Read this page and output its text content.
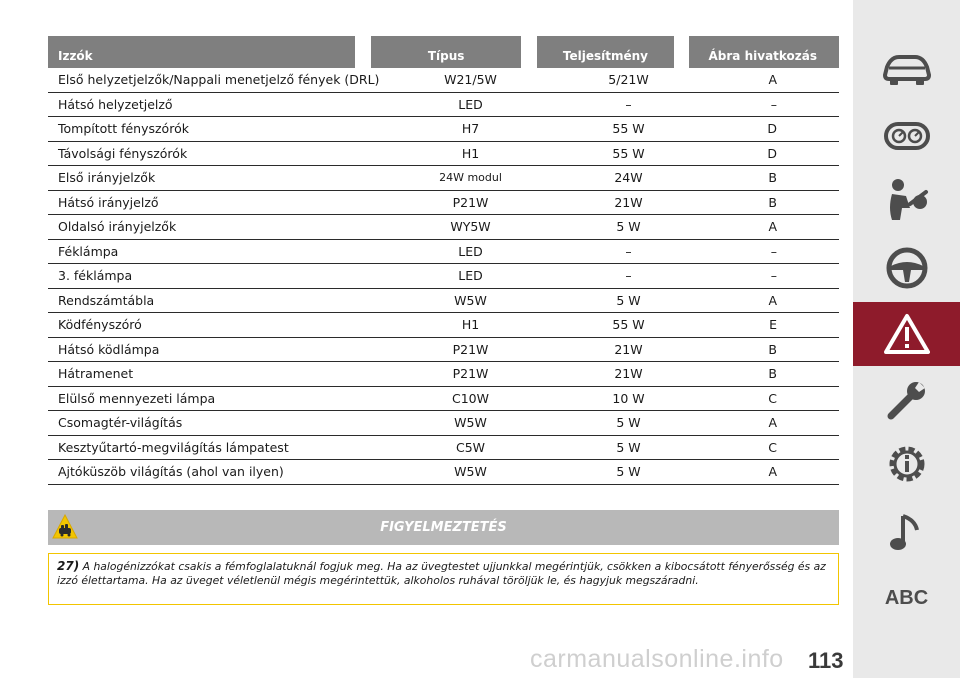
Izzók	Típus	Teljesítmény	Ábra hivatkozás
Első helyzetjelzők/Nappali menetjelző fények (DRL)	W21/5W	5/21W	A
Hátsó helyzetjelző	LED	–	–
Tompított fényszórók	H7	55 W	D
Távolsági fényszórók	H1	55 W	D
Első irányjelzők	24W modul	24W	B
Hátsó irányjelző	P21W	21W	B
Oldalsó irányjelzők	WY5W	5 W	A
Féklámpa	LED	–	–
3. féklámpa	LED	–	–
Rendszámtábla	W5W	5 W	A
Ködfényszóró	H1	55 W	E
Hátsó ködlámpa	P21W	21W	B
Hátramenet	P21W	21W	B
Elülső mennyezeti lámpa	C10W	10 W	C
Csomagtér-világítás	W5W	5 W	A
Kesztyűtartó-megvilágítás lámpatest	C5W	5 W	C
Ajtóküszöb világítás (ahol van ilyen)	W5W	5 W	A
FIGYELMEZTETÉS
27) A halogénizzókat csakis a fémfoglalatuknál fogjuk meg. Ha az üvegtestet ujjunkkal megérintjük, csökken a kibocsátott fényerősség és az izzó élettartama. Ha az üveget véletlenül mégis megérintettük, alkoholos ruhával töröljük le, és hagyjuk megszáradni.
ABC
carmanualsonline.info 113
